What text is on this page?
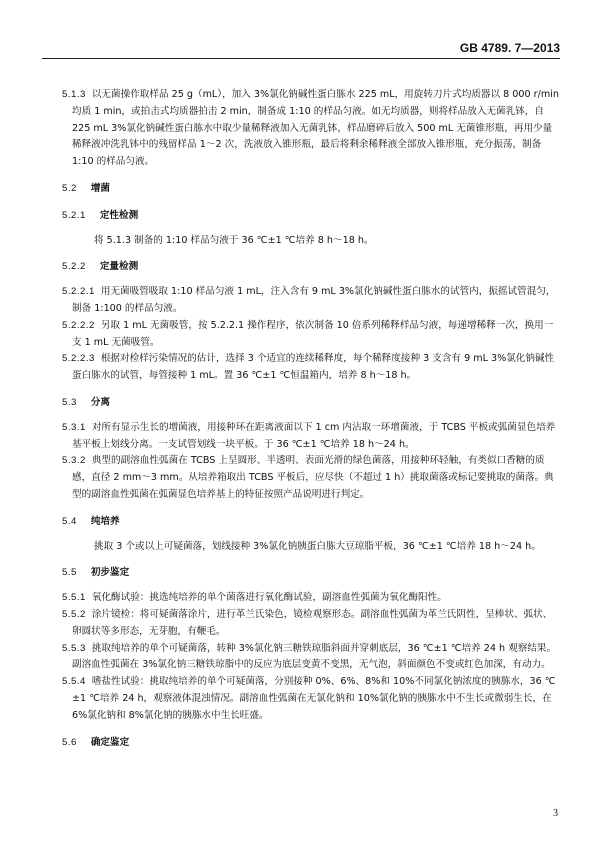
GB 4789. 7—2013

5.1.3 以无菌操作取样品 25 g（mL），加入 3%氯化钠碱性蛋白胨水 225 mL，用旋转刀片式均质器以 8 000 r/min 均质 1 min，或拍击式均质器拍击 2 min，制备成 1:10 的样品匀液。如无均质器，则将样品放入无菌乳钵，自 225 mL 3%氯化钠碱性蛋白胨水中取少量稀释液加入无菌乳钵，样品磨碎后放入 500 mL 无菌锥形瓶，再用少量稀释液冲洗乳钵中的残留样品 1～2 次，洗液放入锥形瓶，最后将剩余稀释液全部放入锥形瓶，充分振荡，制备 1:10 的样品匀液。

5.2 增菌

5.2.1 定性检测

将 5.1.3 制备的 1:10 样品匀液于 36 ℃±1 ℃培养 8 h～18 h。

5.2.2 定量检测

5.2.2.1 用无菌吸管吸取 1:10 样品匀液 1 mL，注入含有 9 mL 3%氯化钠碱性蛋白胨水的试管内，振摇试管混匀，制备 1:100 的样品匀液。

5.2.2.2 另取 1 mL 无菌吸管，按 5.2.2.1 操作程序，依次制备 10 倍系列稀释样品匀液，每递增稀释一次，换用一支 1 mL 无菌吸管。

5.2.2.3 根据对检样污染情况的估计，选择 3 个适宜的连续稀释度，每个稀释度接种 3 支含有 9 mL 3%氯化钠碱性蛋白胨水的试管，每管接种 1 mL。置 36 ℃±1 ℃恒温箱内，培养 8 h～18 h。

5.3 分离

5.3.1 对所有显示生长的增菌液，用接种环在距离液面以下 1 cm 内沾取一环增菌液，于 TCBS 平板或弧菌显色培养基平板上划线分离。一支试管划线一块平板。于 36 ℃±1 ℃培养 18 h～24 h。

5.3.2 典型的副溶血性弧菌在 TCBS 上呈圆形、半透明、表面光滑的绿色菌落，用接种环轻触，有类似口香糖的质感，直径 2 mm～3 mm。从培养箱取出 TCBS 平板后，应尽快（不超过 1 h）挑取菌落或标记要挑取的菌落。典型的副溶血性弧菌在弧菌显色培养基上的特征按照产品说明进行判定。

5.4 纯培养

挑取 3 个或以上可疑菌落，划线接种 3%氯化钠胰蛋白胨大豆琼脂平板，36 ℃±1 ℃培养 18 h～24 h。

5.5 初步鉴定

5.5.1 氧化酶试验：挑选纯培养的单个菌落进行氧化酶试验，副溶血性弧菌为氧化酶阳性。

5.5.2 涂片镜检：将可疑菌落涂片，进行革兰氏染色，镜检观察形态。副溶血性弧菌为革兰氏阴性，呈棒状、弧状、卵圆状等多形态，无芽胞，有鞭毛。

5.5.3 挑取纯培养的单个可疑菌落，转种 3%氯化钠三糖铁琼脂斜面并穿刺底层，36 ℃±1 ℃培养 24 h 观察结果。副溶血性弧菌在 3%氯化钠三糖铁琼脂中的反应为底层变黄不变黑，无气泡，斜面颜色不变或红色加深，有动力。

5.5.4 嗜盐性试验：挑取纯培养的单个可疑菌落，分别接种 0%、6%、8%和 10%不同氯化钠浓度的胰胨水，36 ℃±1 ℃培养 24 h，观察液体混浊情况。副溶血性弧菌在无氯化钠和 10%氯化钠的胰胨水中不生长或微弱生长，在 6%氯化钠和 8%氯化钠的胰胨水中生长旺盛。

5.6 确定鉴定

3
